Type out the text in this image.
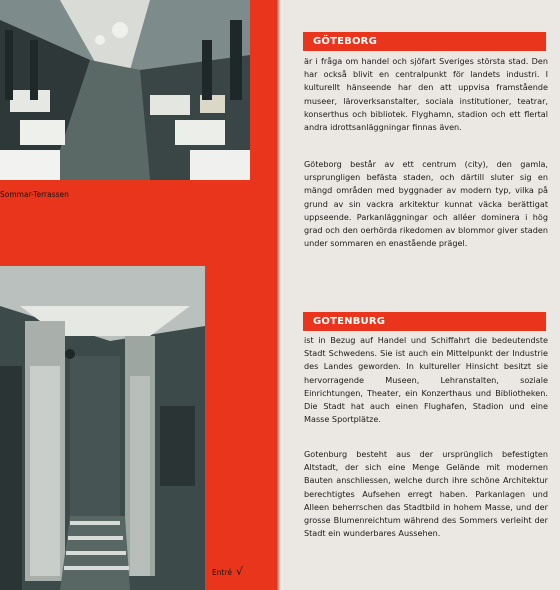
Sommar-Terrassen
Entré √
GÖTEBORG
är i fråga om handel och sjöfart Sveriges största stad. Den har också blivit en centralpunkt för landets industri. I kulturellt hänseende har den att uppvisa framstående museer, läroverksanstalter, sociala institutioner, teatrar, konserthus och bibliotek. Flyghamn, stadion och ett flertal andra idrottsanläggningar finnas även.
Göteborg består av ett centrum (city), den gamla, ursprungligen befästa staden, och därtill sluter sig en mängd områden med byggnader av modern typ, vilka på grund av sin vackra arkitektur kunnat väcka berättigat uppseende. Parkanläggningar och alléer dominera i hög grad och den oerhörda rikedomen av blommor giver staden under sommaren en enastående prägel.
GOTENBURG
ist in Bezug auf Handel und Schiffahrt die bedeutendste Stadt Schwedens. Sie ist auch ein Mittelpunkt der Industrie des Landes geworden. In kultureller Hinsicht besitzt sie hervorragende Museen, Lehranstalten, soziale Einrichtungen, Theater, ein Konzerthaus und Bibliotheken. Die Stadt hat auch einen Flughafen, Stadion und eine Masse Sportplätze.
Gotenburg besteht aus der ursprünglich befestigten Altstadt, der sich eine Menge Gelände mit modernen Bauten anschliessen, welche durch ihre schöne Architektur berechtigtes Aufsehen erregt haben. Parkanlagen und Alleen beherrschen das Stadtbild in hohem Masse, und der grosse Blumenreichtum während des Sommers verleiht der Stadt ein wunderbares Aussehen.
